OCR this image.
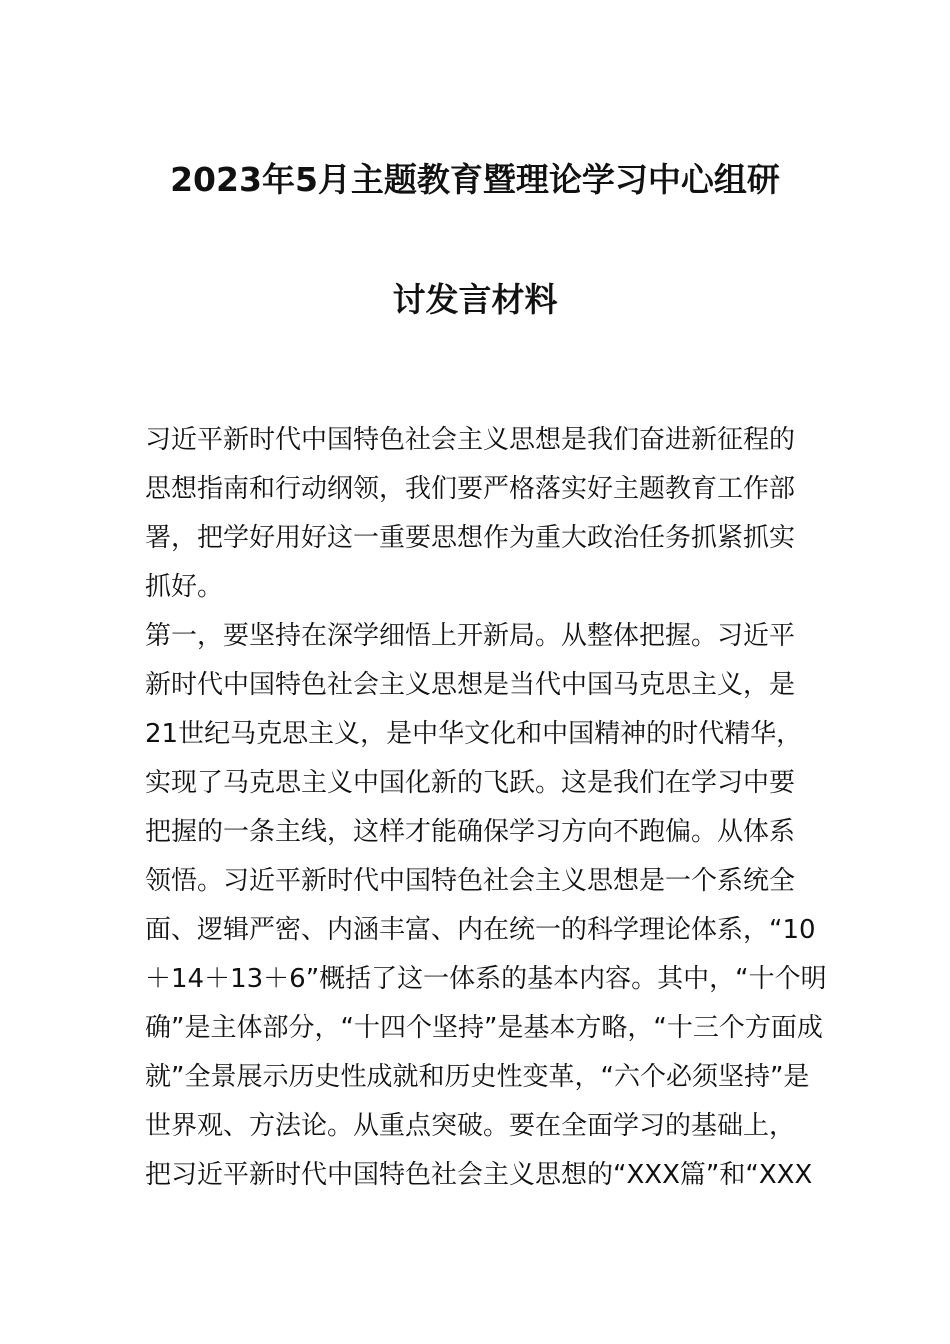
2023年5月主题教育暨理论学习中心组研
讨发言材料
习近平新时代中国特色社会主义思想是我们奋进新征程的
思想指南和行动纲领，我们要严格落实好主题教育工作部
署，把学好用好这一重要思想作为重大政治任务抓紧抓实
抓好。
第一，要坚持在深学细悟上开新局。从整体把握。习近平
新时代中国特色社会主义思想是当代中国马克思主义，是
21世纪马克思主义，是中华文化和中国精神的时代精华，
实现了马克思主义中国化新的飞跃。这是我们在学习中要
把握的一条主线，这样才能确保学习方向不跑偏。从体系
领悟。习近平新时代中国特色社会主义思想是一个系统全
面、逻辑严密、内涵丰富、内在统一的科学理论体系，“10
＋14＋13＋6”概括了这一体系的基本内容。其中，“十个明
确”是主体部分，“十四个坚持”是基本方略，“十三个方面成
就”全景展示历史性成就和历史性变革，“六个必须坚持”是
世界观、方法论。从重点突破。要在全面学习的基础上，
把习近平新时代中国特色社会主义思想的“XXX篇”和“XXX
